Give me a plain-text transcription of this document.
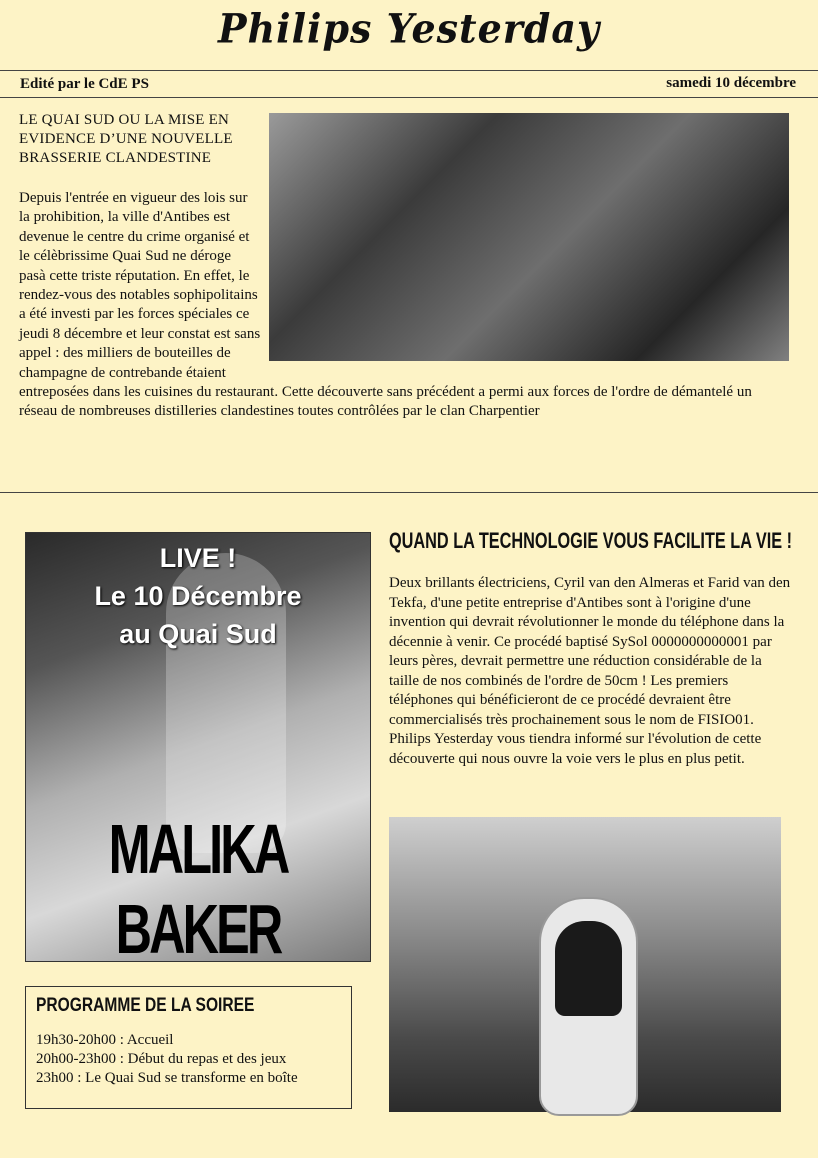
Philips Yesterday
Edité par le CdE PS	samedi 10 décembre
LE QUAI SUD OU LA MISE EN EVIDENCE D’UNE NOUVELLE BRASSERIE CLANDESTINE
Depuis l'entrée en vigueur des lois sur la prohibition, la ville d'Antibes est devenue le centre du crime organisé et le célèbrissime Quai Sud ne déroge pasà cette triste réputation. En effet, le rendez-vous des notables sophipolitains a été investi par les forces spéciales ce jeudi 8 décembre et leur constat est sans appel : des milliers de bouteilles de champagne de contrebande étaient entreposées dans les cuisines du restaurant. Cette découverte sans précédent a permi aux forces de l'ordre de démantelé un réseau de nombreuses distilleries clandestines toutes contrôlées par le clan Charpentier
LIVE !
Le 10 Décembre
au Quai Sud
MALIKA BAKER
PROGRAMME DE LA SOIREE
19h30-20h00 : Accueil
20h00-23h00 : Début du repas et des jeux
23h00 : Le Quai Sud se transforme en boîte
QUAND LA TECHNOLOGIE VOUS FACILITE LA VIE !
Deux brillants électriciens, Cyril van den Almeras et Farid van den Tekfa, d'une petite entreprise d'Antibes sont à l'origine d'une invention qui devrait révolutionner le monde du téléphone dans la décennie à venir. Ce procédé baptisé SySol 0000000000001 par leurs pères, devrait permettre une réduction considérable de la taille de nos combinés de l'ordre de 50cm ! Les premiers téléphones qui bénéficieront de ce procédé devraient être commercialisés très prochainement sous le nom de FISIO01. Philips Yesterday vous tiendra informé sur l'évolution de cette découverte qui nous ouvre la voie vers le plus en plus petit.
